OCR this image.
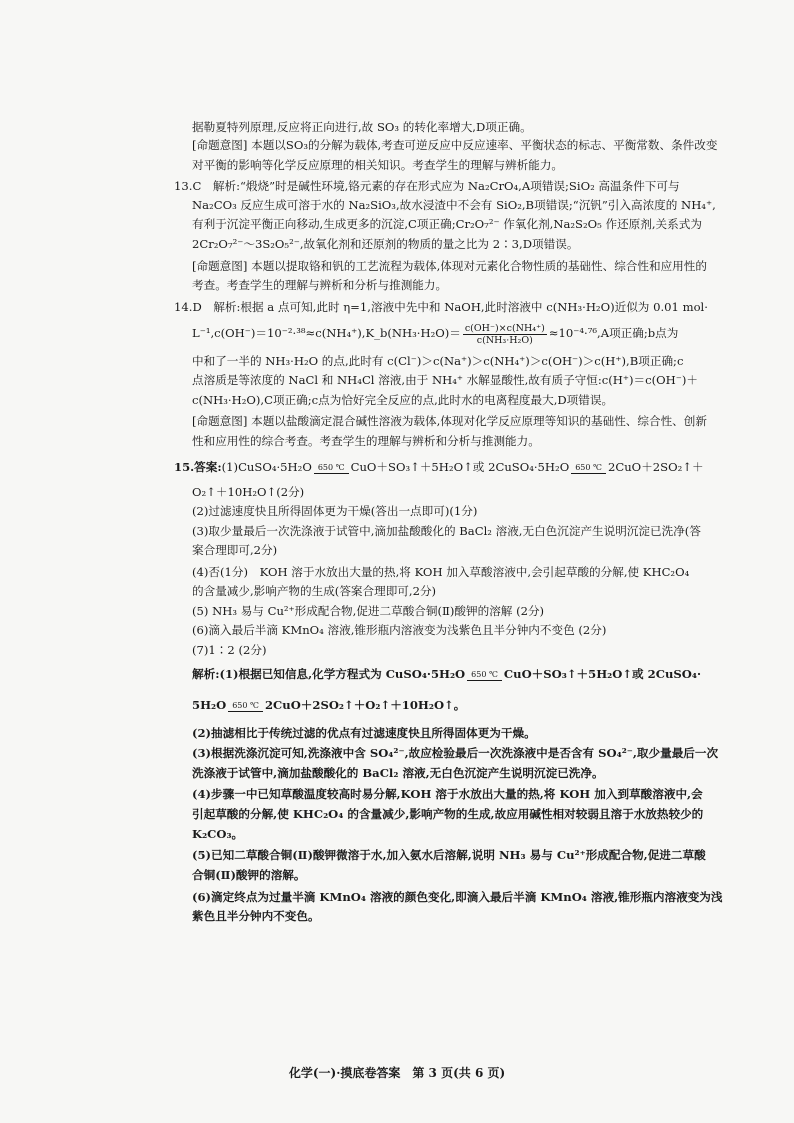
据勒夏特列原理,反应将正向进行,故 SO₃ 的转化率增大,D项正确。
[命题意图] 本题以SO₃的分解为载体,考查可逆反应中反应速率、平衡状态的标志、平衡常数、条件改变
对平衡的影响等化学反应原理的相关知识。考查学生的理解与辨析能力。
13.C　解析:“煅烧”时是碱性环境,铬元素的存在形式应为 Na₂CrO₄,A项错误;SiO₂ 高温条件下可与
Na₂CO₃ 反应生成可溶于水的 Na₂SiO₃,故水浸渣中不会有 SiO₂,B项错误;“沉钒”引入高浓度的 NH₄⁺,
有利于沉淀平衡正向移动,生成更多的沉淀,C项正确;Cr₂O₇²⁻ 作氧化剂,Na₂S₂O₅ 作还原剂,关系式为
2Cr₂O₇²⁻～3S₂O₅²⁻,故氧化剂和还原剂的物质的量之比为 2∶3,D项错误。
[命题意图] 本题以提取铬和钒的工艺流程为载体,体现对元素化合物性质的基础性、综合性和应用性的
考查。考查学生的理解与辨析和分析与推测能力。
14.D　解析:根据 a 点可知,此时 η=1,溶液中先中和 NaOH,此时溶液中 c(NH₃·H₂O)近似为 0.01 mol·
L⁻¹,c(OH⁻)＝10⁻²·³⁸≈c(NH₄⁺),K_b(NH₃·H₂O)＝ $\frac{\text{c(OH⁻)×c(NH₄⁺)}}{\text{c(NH₃·H₂O)}} \approx 10^{-4}\cdot^{76},A$项正确;b点为
中和了一半的 NH₃·H₂O 的点,此时有 c(Cl⁻)＞c(Na⁺)＞c(NH₄⁺)＞c(OH⁻)＞c(H⁺),B项正确;c
点溶质是等浓度的 NaCl 和 NH₄Cl 溶液,由于 NH₄⁺ 水解显酸性,故有质子守恒:c(H⁺)＝c(OH⁻)＋
c(NH₃·H₂O),C项正确;c点为恰好完全反应的点,此时水的电离程度最大,D项错误。
[命题意图] 本题以盐酸滴定混合碱性溶液为载体,体现对化学反应原理等知识的基础性、综合性、创新
性和应用性的综合考查。考查学生的理解与辨析和分析与推测能力。
15.答案:(1)CuSO₄·5H₂O 650 ℃ CuO＋SO₃↑＋5H₂O↑或 2CuSO₄·5H₂O 650 ℃ 2CuO＋2SO₂↑＋
O₂↑＋10H₂O↑(2分)
(2)过滤速度快且所得固体更为干燥(答出一点即可)(1分)
(3)取少量最后一次洗涤液于试管中,滴加盐酸酸化的 BaCl₂ 溶液,无白色沉淀产生说明沉淀已洗净(答
案合理即可,2分)
(4)否(1分)　KOH 溶于水放出大量的热,将 KOH 加入草酸溶液中,会引起草酸的分解,使 KHC₂O₄
的含量减少,影响产物的生成(答案合理即可,2分)
(5) NH₃ 易与 Cu²⁺形成配合物,促进二草酸合铜(Ⅱ)酸钾的溶解 (2分)
(6)滴入最后半滴 KMnO₄ 溶液,锥形瓶内溶液变为浅紫色且半分钟内不变色 (2分)
(7)1∶2 (2分)
解析:(1)根据已知信息,化学方程式为 CuSO₄·5H₂O 650 ℃ CuO＋SO₃↑＋5H₂O↑或 2CuSO₄·
5H₂O 650 ℃ 2CuO＋2SO₂↑＋O₂↑＋10H₂O↑。
(2)抽滤相比于传统过滤的优点有过滤速度快且所得固体更为干燥。
(3)根据洗涤沉淀可知,洗涤液中含 SO₄²⁻,故应检验最后一次洗涤液中是否含有 SO₄²⁻,取少量最后一次
洗涤液于试管中,滴加盐酸酸化的 BaCl₂ 溶液,无白色沉淀产生说明沉淀已洗净。
(4)步骤一中已知草酸温度较高时易分解,KOH 溶于水放出大量的热,将 KOH 加入到草酸溶液中,会
引起草酸的分解,使 KHC₂O₄ 的含量减少,影响产物的生成,故应用碱性相对较弱且溶于水放热较少的
K₂CO₃。
(5)已知二草酸合铜(Ⅱ)酸钾微溶于水,加入氨水后溶解,说明 NH₃ 易与 Cu²⁺形成配合物,促进二草酸
合铜(Ⅱ)酸钾的溶解。
(6)滴定终点为过量半滴 KMnO₄ 溶液的颜色变化,即滴入最后半滴 KMnO₄ 溶液,锥形瓶内溶液变为浅
紫色且半分钟内不变色。
化学(一)·摸底卷答案　第 3 页(共 6 页)
